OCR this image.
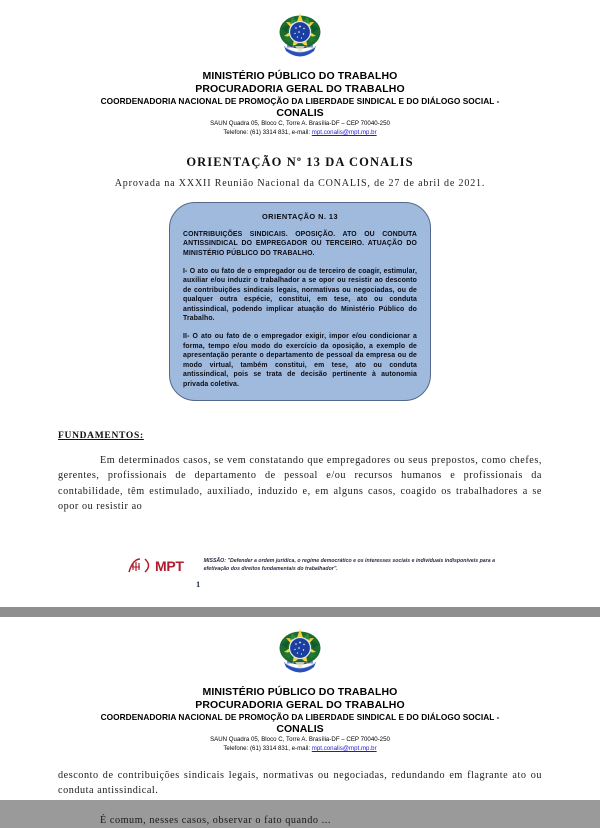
MINISTÉRIO PÚBLICO DO TRABALHO
PROCURADORIA GERAL DO TRABALHO
COORDENADORIA NACIONAL DE PROMOÇÃO DA LIBERDADE SINDICAL E DO DIÁLOGO SOCIAL -
CONALIS
SAUN Quadra 05, Bloco C, Torre A. Brasília-DF – CEP 70040-250
Telefone: (61) 3314 831, e-mail: mpt.conalis@mpt.mp.br
ORIENTAÇÃO Nº 13 DA CONALIS
Aprovada na XXXII Reunião Nacional da CONALIS, de 27 de abril de 2021.
ORIENTAÇÃO N. 13

CONTRIBUIÇÕES SINDICAIS. OPOSIÇÃO. ATO OU CONDUTA ANTISSINDICAL DO EMPREGADOR OU TERCEIRO. ATUAÇÃO DO MINISTÉRIO PÚBLICO DO TRABALHO.

I- O ato ou fato de o empregador ou de terceiro de coagir, estimular, auxiliar e/ou induzir o trabalhador a se opor ou resistir ao desconto de contribuições sindicais legais, normativas ou negociadas, ou de qualquer outra espécie, constitui, em tese, ato ou conduta antissindical, podendo implicar atuação do Ministério Público do Trabalho.

II- O ato ou fato de o empregador exigir, impor e/ou condicionar a forma, tempo e/ou modo do exercício da oposição, a exemplo de apresentação perante o departamento de pessoal da empresa ou de modo virtual, também constitui, em tese, ato ou conduta antissindical, pois se trata de decisão pertinente à autonomia privada coletiva.

FUNDAMENTOS:
Em determinados casos, se vem constatando que empregadores ou seus prepostos, como chefes, gerentes, profissionais de departamento de pessoal e/ou recursos humanos e profissionais da contabilidade, têm estimulado, auxiliado, induzido e, em alguns casos, coagido os trabalhadores a se opor ou resistir ao
MPT	MISSÃO: "Defender a ordem jurídica, o regime democrático e os interesses sociais e individuais indisponíveis para a efetivação dos direitos fundamentais do trabalhador".
1
MINISTÉRIO PÚBLICO DO TRABALHO
PROCURADORIA GERAL DO TRABALHO
COORDENADORIA NACIONAL DE PROMOÇÃO DA LIBERDADE SINDICAL E DO DIÁLOGO SOCIAL -
CONALIS
SAUN Quadra 05, Bloco C, Torre A. Brasília-DF – CEP 70040-250
Telefone: (61) 3314 831, e-mail: mpt.conalis@mpt.mp.br
desconto de contribuições sindicais legais, normativas ou negociadas, redundando em flagrante ato ou conduta antissindical.
É comum, nesses casos, observar o fato quando ...
